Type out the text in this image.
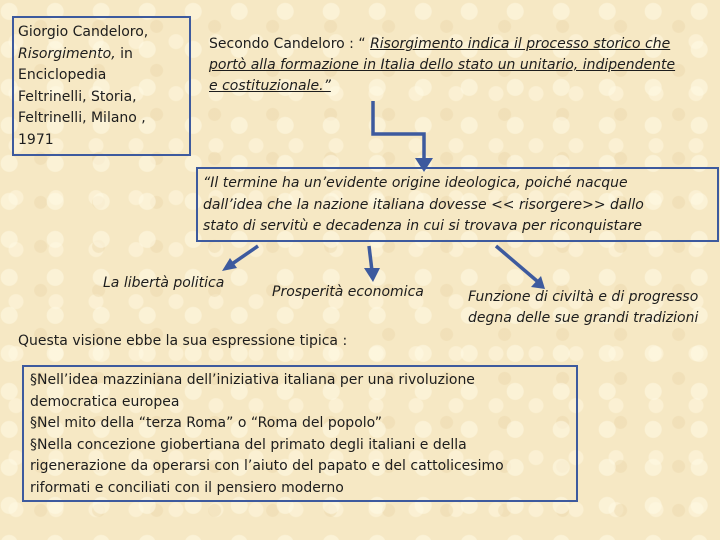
Giorgio Candeloro,
Risorgimento, in
Enciclopedia
Feltrinelli, Storia,
Feltrinelli, Milano ,
1971
Secondo Candeloro : “ Risorgimento indica il processo storico che
portò alla formazione in Italia dello stato un unitario, indipendente
e costituzionale.”
“Il termine ha un’evidente origine ideologica, poiché nacque
dall’idea che la nazione italiana dovesse << risorgere>> dallo
stato di servitù e decadenza in cui si trovava per riconquistare
La libertà politica
Prosperità economica	Funzione di civiltà e di progresso
degna delle sue grandi tradizioni
Questa visione ebbe la sua espressione tipica :
§Nell’idea mazziniana dell’iniziativa italiana per una rivoluzione
democratica europea
§Nel mito della “terza Roma” o “Roma del popolo”
§Nella concezione giobertiana del primato degli italiani e della
rigenerazione da operarsi con l’aiuto del papato e del cattolicesimo
riformati e conciliati con il pensiero moderno
